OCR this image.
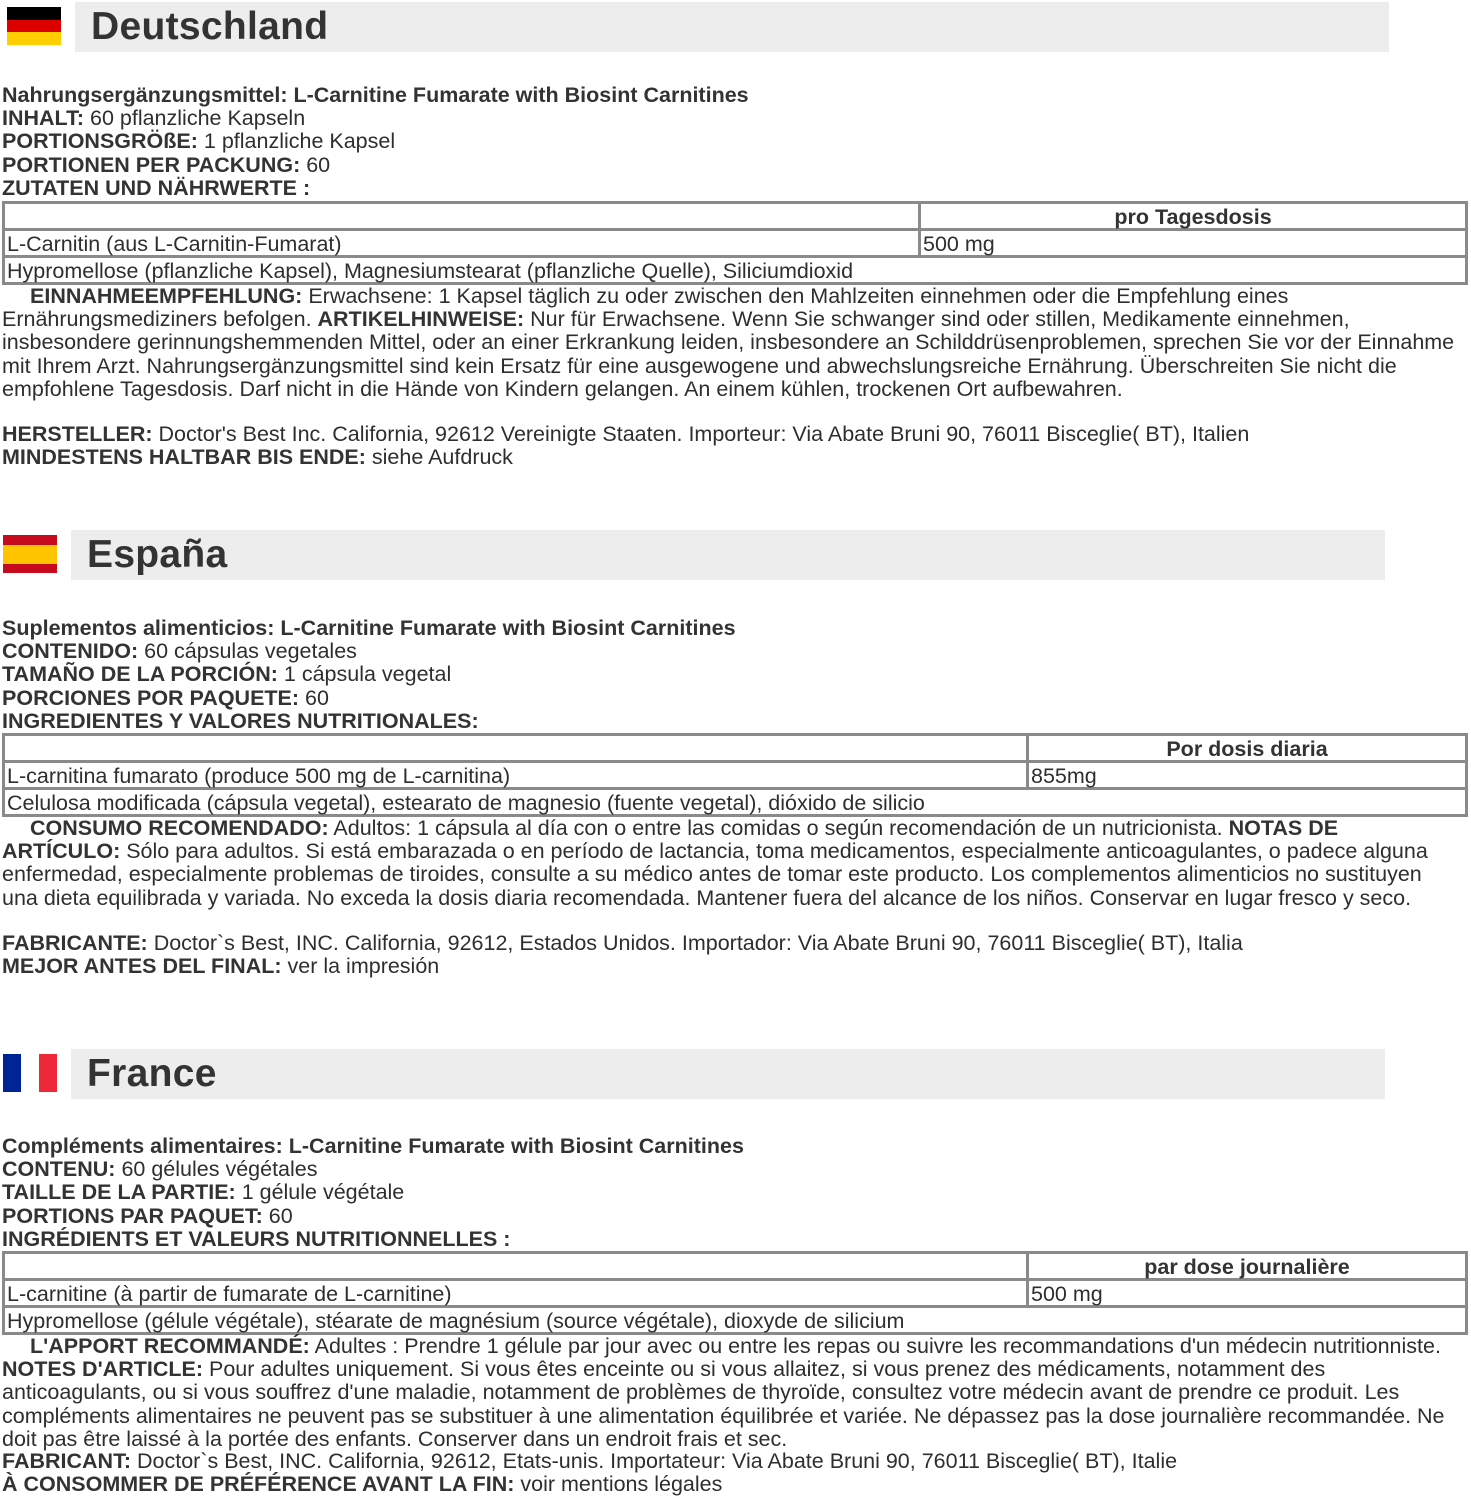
Deutschland
Nahrungsergänzungsmittel: L-Carnitine Fumarate with Biosint Carnitines
INHALT: 60 pflanzliche Kapseln
PORTIONSGRÖßE: 1 pflanzliche Kapsel
PORTIONEN PER PACKUNG: 60
ZUTATEN UND NÄHRWERTE :
	pro Tagesdosis
L-Carnitin (aus L-Carnitin-Fumarat)	500 mg
Hypromellose (pflanzliche Kapsel), Magnesiumstearat (pflanzliche Quelle), Siliciumdioxid	
EINNAHMEEMPFEHLUNG: Erwachsene: 1 Kapsel täglich zu oder zwischen den Mahlzeiten einnehmen oder die Empfehlung eines Ernährungsmediziners befolgen. ARTIKELHINWEISE: Nur für Erwachsene. Wenn Sie schwanger sind oder stillen, Medikamente einnehmen, insbesondere gerinnungshemmenden Mittel, oder an einer Erkrankung leiden, insbesondere an Schilddrüsenproblemen, sprechen Sie vor der Einnahme mit Ihrem Arzt. Nahrungsergänzungsmittel sind kein Ersatz für eine ausgewogene und abwechslungsreiche Ernährung. Überschreiten Sie nicht die empfohlene Tagesdosis. Darf nicht in die Hände von Kindern gelangen. An einem kühlen, trockenen Ort aufbewahren.
HERSTELLER: Doctor's Best Inc. California, 92612 Vereinigte Staaten. Importeur: Via Abate Bruni 90, 76011 Bisceglie( BT), Italien
MINDESTENS HALTBAR BIS ENDE: siehe Aufdruck
España
Suplementos alimenticios: L-Carnitine Fumarate with Biosint Carnitines
CONTENIDO: 60 cápsulas vegetales
TAMAÑO DE LA PORCIÓN: 1 cápsula vegetal
PORCIONES POR PAQUETE: 60
INGREDIENTES Y VALORES NUTRITIONALES:
	Por dosis diaria
L-carnitina fumarato (produce 500 mg de L-carnitina)	855mg
Celulosa modificada (cápsula vegetal), estearato de magnesio (fuente vegetal), dióxido de silicio	
CONSUMO RECOMENDADO: Adultos: 1 cápsula al día con o entre las comidas o según recomendación de un nutricionista. NOTAS DE ARTÍCULO: Sólo para adultos. Si está embarazada o en período de lactancia, toma medicamentos, especialmente anticoagulantes, o padece alguna enfermedad, especialmente problemas de tiroides, consulte a su médico antes de tomar este producto. Los complementos alimenticios no sustituyen una dieta equilibrada y variada. No exceda la dosis diaria recomendada. Mantener fuera del alcance de los niños. Conservar en lugar fresco y seco.
FABRICANTE: Doctor`s Best, INC. California, 92612, Estados Unidos. Importador: Via Abate Bruni 90, 76011 Bisceglie( BT), Italia
MEJOR ANTES DEL FINAL: ver la impresión
France
Compléments alimentaires: L-Carnitine Fumarate with Biosint Carnitines
CONTENU: 60 gélules végétales
TAILLE DE LA PARTIE: 1 gélule végétale
PORTIONS PAR PAQUET: 60
INGRÉDIENTS ET VALEURS NUTRITIONNELLES :
	par dose journalière
L-carnitine (à partir de fumarate de L-carnitine)	500 mg
Hypromellose (gélule végétale), stéarate de magnésium (source végétale), dioxyde de silicium	
L'APPORT RECOMMANDÉ: Adultes : Prendre 1 gélule par jour avec ou entre les repas ou suivre les recommandations d'un médecin nutritionniste. NOTES D'ARTICLE: Pour adultes uniquement. Si vous êtes enceinte ou si vous allaitez, si vous prenez des médicaments, notamment des anticoagulants, ou si vous souffrez d'une maladie, notamment de problèmes de thyroïde, consultez votre médecin avant de prendre ce produit. Les compléments alimentaires ne peuvent pas se substituer à une alimentation équilibrée et variée. Ne dépassez pas la dose journalière recommandée. Ne doit pas être laissé à la portée des enfants. Conserver dans un endroit frais et sec.
FABRICANT: Doctor`s Best, INC. California, 92612, Etats-unis. Importateur: Via Abate Bruni 90, 76011 Bisceglie( BT), Italie
À CONSOMMER DE PRÉFÉRENCE AVANT LA FIN: voir mentions légales
